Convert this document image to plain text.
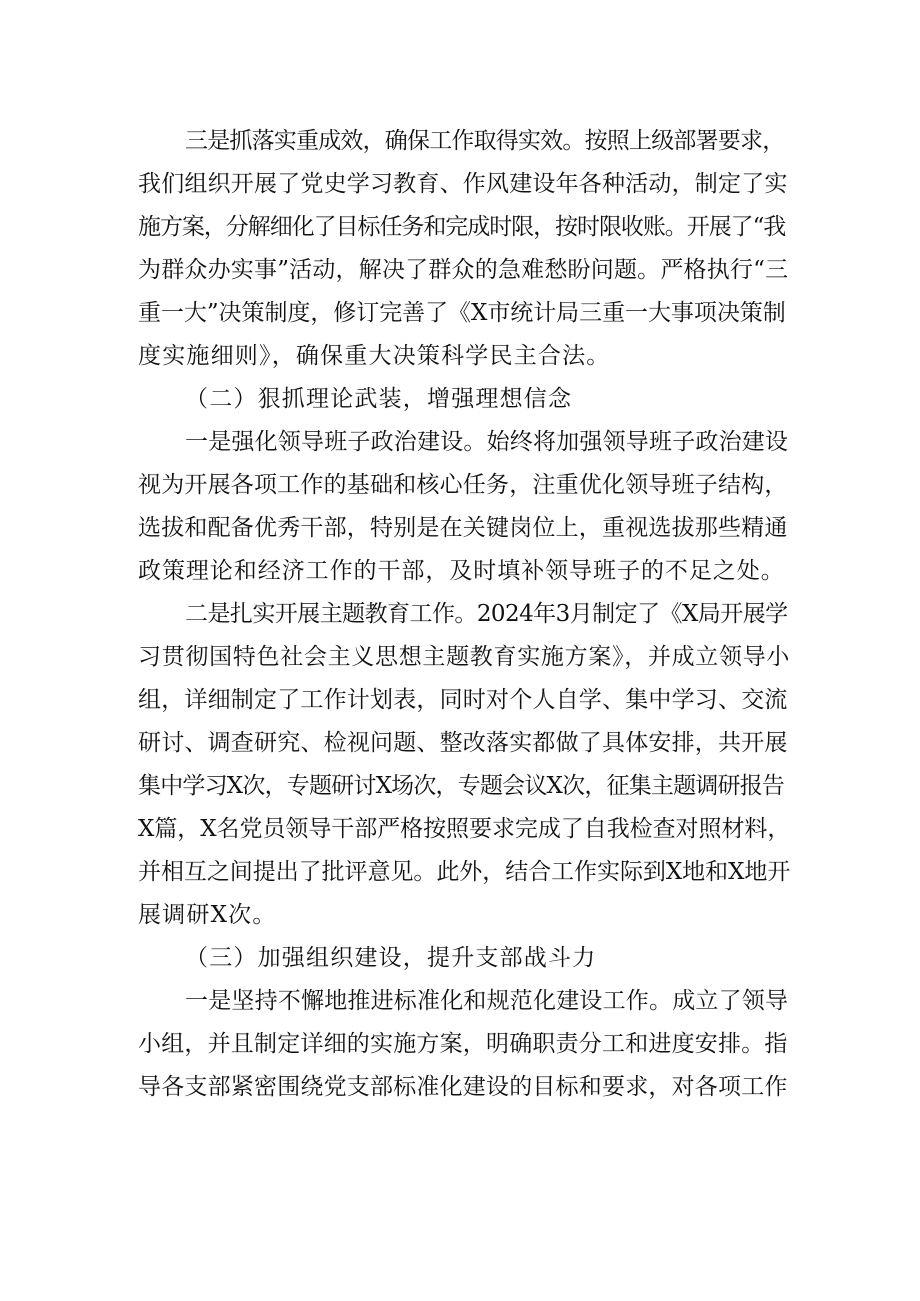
三是抓落实重成效，确保工作取得实效。按照上级部署要求，
我们组织开展了党史学习教育、作风建设年各种活动，制定了实
施方案，分解细化了目标任务和完成时限，按时限收账。开展了“我
为群众办实事”活动，解决了群众的急难愁盼问题。严格执行“三
重一大”决策制度，修订完善了《X市统计局三重一大事项决策制
度实施细则》，确保重大决策科学民主合法。
（二）狠抓理论武装，增强理想信念
一是强化领导班子政治建设。始终将加强领导班子政治建设
视为开展各项工作的基础和核心任务，注重优化领导班子结构，
选拔和配备优秀干部，特别是在关键岗位上，重视选拔那些精通
政策理论和经济工作的干部，及时填补领导班子的不足之处。
二是扎实开展主题教育工作。2024年3月制定了《X局开展学
习贯彻国特色社会主义思想主题教育实施方案》，并成立领导小
组，详细制定了工作计划表，同时对个人自学、集中学习、交流
研讨、调查研究、检视问题、整改落实都做了具体安排，共开展
集中学习X次，专题研讨X场次，专题会议X次，征集主题调研报告
X篇，X名党员领导干部严格按照要求完成了自我检查对照材料，
并相互之间提出了批评意见。此外，结合工作实际到X地和X地开
展调研X次。
（三）加强组织建设，提升支部战斗力
一是坚持不懈地推进标准化和规范化建设工作。成立了领导
小组，并且制定详细的实施方案，明确职责分工和进度安排。指
导各支部紧密围绕党支部标准化建设的目标和要求，对各项工作
